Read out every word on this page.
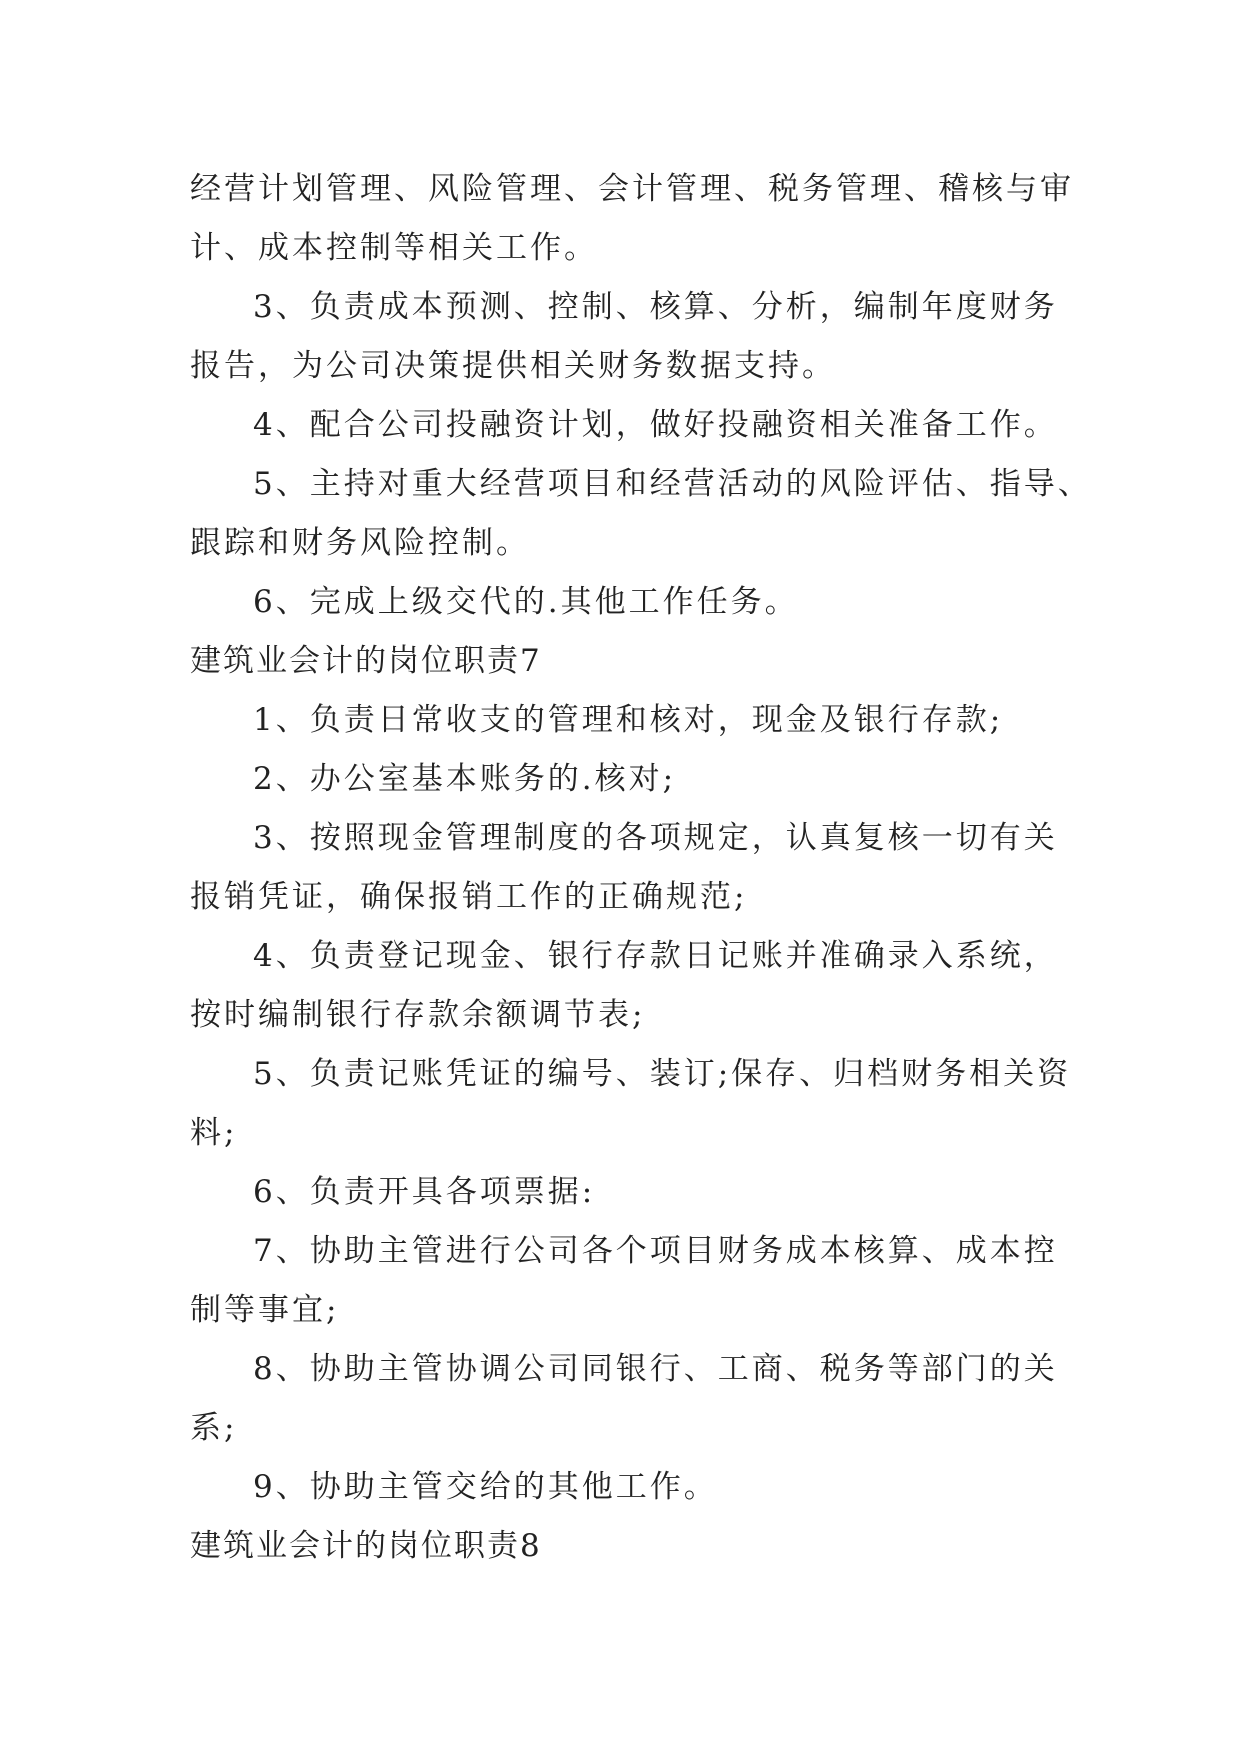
经营计划管理、风险管理、会计管理、税务管理、稽核与审
计、成本控制等相关工作。
3、负责成本预测、控制、核算、分析，编制年度财务
报告，为公司决策提供相关财务数据支持。
4、配合公司投融资计划，做好投融资相关准备工作。
5、主持对重大经营项目和经营活动的风险评估、指导、
跟踪和财务风险控制。
6、完成上级交代的.其他工作任务。
建筑业会计的岗位职责7
1、负责日常收支的管理和核对，现金及银行存款;
2、办公室基本账务的.核对;
3、按照现金管理制度的各项规定，认真复核一切有关
报销凭证，确保报销工作的正确规范;
4、负责登记现金、银行存款日记账并准确录入系统，
按时编制银行存款余额调节表;
5、负责记账凭证的编号、装订;保存、归档财务相关资
料;
6、负责开具各项票据:
7、协助主管进行公司各个项目财务成本核算、成本控
制等事宜;
8、协助主管协调公司同银行、工商、税务等部门的关
系;
9、协助主管交给的其他工作。
建筑业会计的岗位职责8
